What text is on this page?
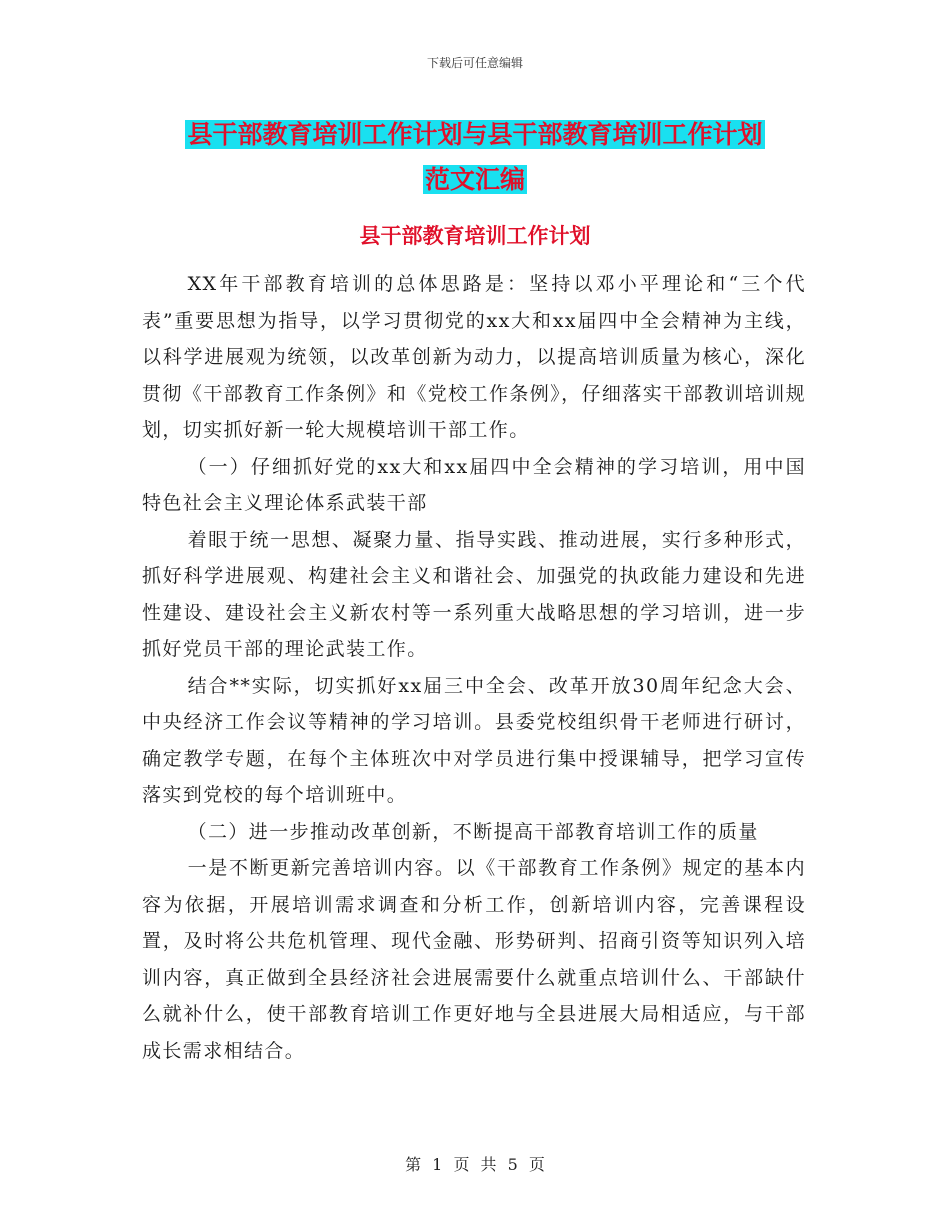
下载后可任意编辑
县干部教育培训工作计划与县干部教育培训工作计划
范文汇编
县干部教育培训工作计划

XX年干部教育培训的总体思路是：坚持以邓小平理论和“三个代表”重要思想为指导，以学习贯彻党的xx大和xx届四中全会精神为主线，以科学进展观为统领，以改革创新为动力，以提高培训质量为核心，深化贯彻《干部教育工作条例》和《党校工作条例》，仔细落实干部教训培训规划，切实抓好新一轮大规模培训干部工作。

（一）仔细抓好党的xx大和xx届四中全会精神的学习培训，用中国特色社会主义理论体系武装干部

着眼于统一思想、凝聚力量、指导实践、推动进展，实行多种形式，抓好科学进展观、构建社会主义和谐社会、加强党的执政能力建设和先进性建设、建设社会主义新农村等一系列重大战略思想的学习培训，进一步抓好党员干部的理论武装工作。

结合**实际，切实抓好xx届三中全会、改革开放30周年纪念大会、中央经济工作会议等精神的学习培训。县委党校组织骨干老师进行研讨，确定教学专题，在每个主体班次中对学员进行集中授课辅导，把学习宣传落实到党校的每个培训班中。

（二）进一步推动改革创新，不断提高干部教育培训工作的质量

一是不断更新完善培训内容。以《干部教育工作条例》规定的基本内容为依据，开展培训需求调查和分析工作，创新培训内容，完善课程设置，及时将公共危机管理、现代金融、形势研判、招商引资等知识列入培训内容，真正做到全县经济社会进展需要什么就重点培训什么、干部缺什么就补什么，使干部教育培训工作更好地与全县进展大局相适应，与干部成长需求相结合。

第 1 页 共 5 页
